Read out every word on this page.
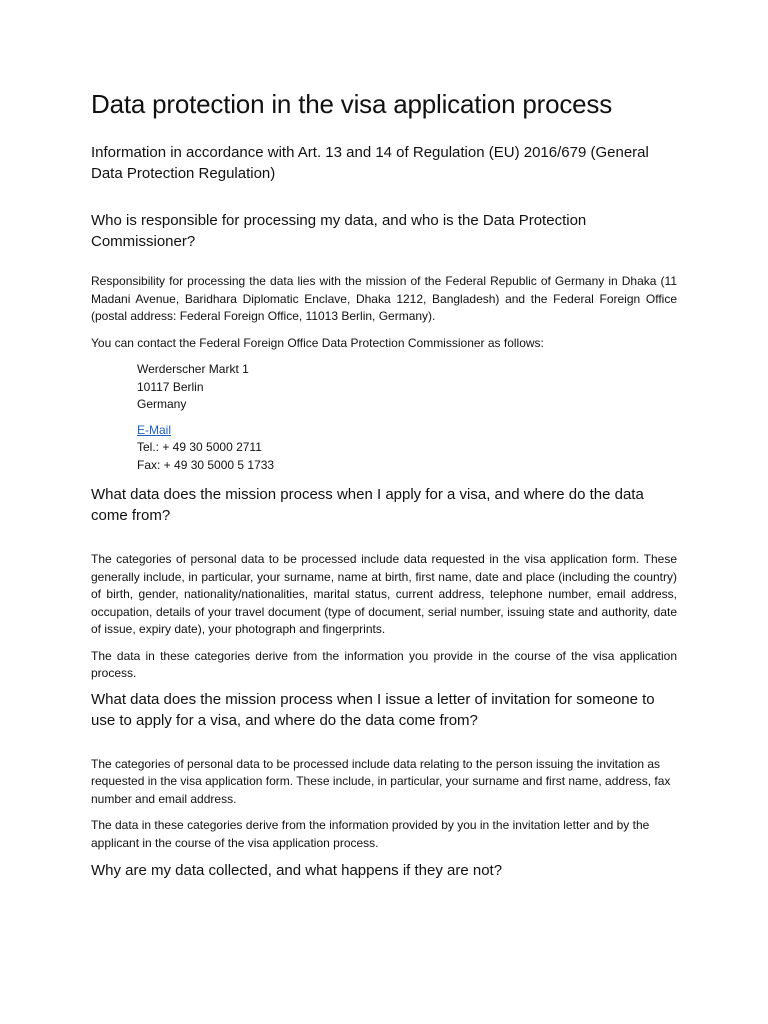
Data protection in the visa application process
Information in accordance with Art. 13 and 14 of Regulation (EU) 2016/679 (General Data Protection Regulation)
Who is responsible for processing my data, and who is the Data Protection Commissioner?

Responsibility for processing the data lies with the mission of the Federal Republic of Germany in Dhaka (11 Madani Avenue, Baridhara Diplomatic Enclave, Dhaka 1212, Bangladesh) and the Federal Foreign Office (postal address: Federal Foreign Office, 11013 Berlin, Germany).

You can contact the Federal Foreign Office Data Protection Commissioner as follows:

Werderscher Markt 1
10117 Berlin
Germany
E-Mail
Tel.: + 49 30 5000 2711
Fax: + 49 30 5000 5 1733
What data does the mission process when I apply for a visa, and where do the data come from?

The categories of personal data to be processed include data requested in the visa application form. These generally include, in particular, your surname, name at birth, first name, date and place (including the country) of birth, gender, nationality/nationalities, marital status, current address, telephone number, email address, occupation, details of your travel document (type of document, serial number, issuing state and authority, date of issue, expiry date), your photograph and fingerprints.

The data in these categories derive from the information you provide in the course of the visa application process.

What data does the mission process when I issue a letter of invitation for someone to use to apply for a visa, and where do the data come from?

The categories of personal data to be processed include data relating to the person issuing the invitation as requested in the visa application form. These include, in particular, your surname and first name, address, fax number and email address.

The data in these categories derive from the information provided by you in the invitation letter and by the applicant in the course of the visa application process.

Why are my data collected, and what happens if they are not?
